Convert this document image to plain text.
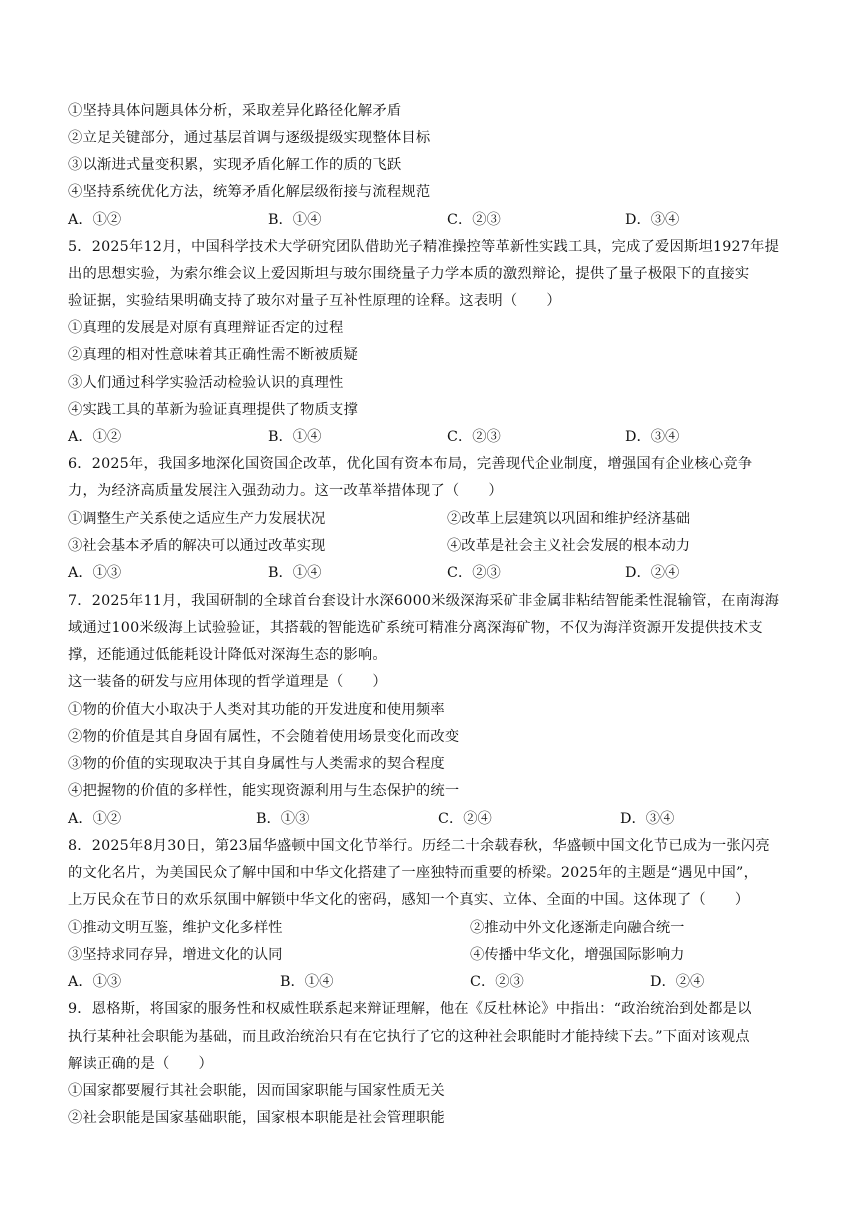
①坚持具体问题具体分析，采取差异化路径化解矛盾
②立足关键部分，通过基层首调与逐级提级实现整体目标
③以渐进式量变积累，实现矛盾化解工作的质的飞跃
④坚持系统优化方法，统筹矛盾化解层级衔接与流程规范
A．①②	B．①④	C．②③	D．③④
5．2025年12月，中国科学技术大学研究团队借助光子精准操控等革新性实践工具，完成了爱因斯坦1927年提
出的思想实验，为索尔维会议上爱因斯坦与玻尔围绕量子力学本质的激烈辩论，提供了量子极限下的直接实
验证据，实验结果明确支持了玻尔对量子互补性原理的诠释。这表明（　　）
①真理的发展是对原有真理辩证否定的过程
②真理的相对性意味着其正确性需不断被质疑
③人们通过科学实验活动检验认识的真理性
④实践工具的革新为验证真理提供了物质支撑
A．①②	B．①④	C．②③	D．③④
6．2025年，我国多地深化国资国企改革，优化国有资本布局，完善现代企业制度，增强国有企业核心竞争
力，为经济高质量发展注入强劲动力。这一改革举措体现了（　　）
①调整生产关系使之适应生产力发展状况	②改革上层建筑以巩固和维护经济基础
③社会基本矛盾的解决可以通过改革实现	④改革是社会主义社会发展的根本动力
A．①③	B．①④	C．②③	D．②④
7．2025年11月，我国研制的全球首台套设计水深6000米级深海采矿非金属非粘结智能柔性混输管，在南海海
域通过100米级海上试验验证，其搭载的智能选矿系统可精准分离深海矿物，不仅为海洋资源开发提供技术支
撑，还能通过低能耗设计降低对深海生态的影响。
这一装备的研发与应用体现的哲学道理是（　　）
①物的价值大小取决于人类对其功能的开发进度和使用频率
②物的价值是其自身固有属性，不会随着使用场景变化而改变
③物的价值的实现取决于其自身属性与人类需求的契合程度
④把握物的价值的多样性，能实现资源利用与生态保护的统一
A．①②	B．①③	C．②④	D．③④
8．2025年8月30日，第23届华盛顿中国文化节举行。历经二十余载春秋，华盛顿中国文化节已成为一张闪亮
的文化名片，为美国民众了解中国和中华文化搭建了一座独特而重要的桥梁。2025年的主题是“遇见中国”，
上万民众在节日的欢乐氛围中解锁中华文化的密码，感知一个真实、立体、全面的中国。这体现了（　　）
①推动文明互鉴，维护文化多样性	②推动中外文化逐渐走向融合统一
③坚持求同存异，增进文化的认同	④传播中华文化，增强国际影响力
A．①③	B．①④	C．②③	D．②④
9．恩格斯，将国家的服务性和权威性联系起来辩证理解，他在《反杜林论》中指出：“政治统治到处都是以
执行某种社会职能为基础，而且政治统治只有在它执行了它的这种社会职能时才能持续下去。”下面对该观点
解读正确的是（　　）
①国家都要履行其社会职能，因而国家职能与国家性质无关
②社会职能是国家基础职能，国家根本职能是社会管理职能
